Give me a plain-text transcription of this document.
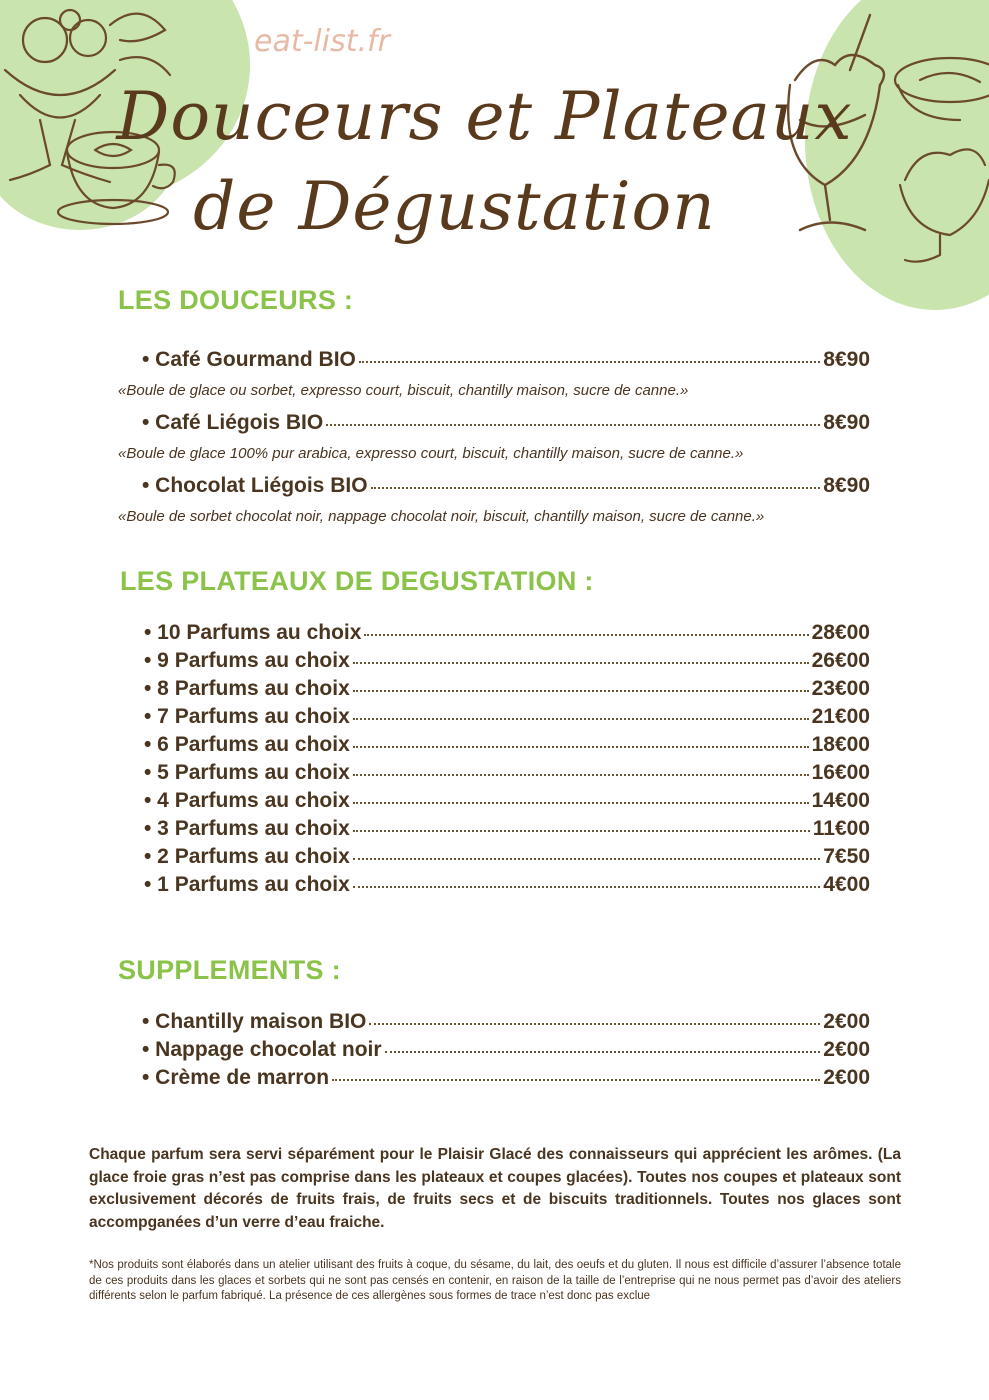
eat-list.fr
Douceurs et Plateaux
de Dégustation
LES DOUCEURS :
• Café Gourmand BIO	8€90
«Boule de glace ou sorbet, expresso court, biscuit, chantilly maison, sucre de canne.»
• Café Liégois BIO	8€90
«Boule de glace 100% pur arabica, expresso court, biscuit, chantilly maison, sucre de canne.»
• Chocolat Liégois BIO	8€90
«Boule de sorbet chocolat noir, nappage chocolat noir, biscuit, chantilly maison, sucre de canne.»
LES PLATEAUX DE DEGUSTATION :
• 10 Parfums au choix	28€00
• 9 Parfums au choix	26€00
• 8 Parfums au choix	23€00
• 7 Parfums au choix	21€00
• 6 Parfums au choix	18€00
• 5 Parfums au choix	16€00
• 4 Parfums au choix	14€00
• 3 Parfums au choix	11€00
• 2 Parfums au choix	7€50
• 1 Parfums au choix	4€00
SUPPLEMENTS :
• Chantilly maison BIO	2€00
• Nappage chocolat noir	2€00
• Crème de marron	2€00
Chaque parfum sera servi séparément pour le Plaisir Glacé des connaisseurs qui apprécient les arômes. (La glace froie gras n’est pas comprise dans les plateaux et coupes glacées). Toutes nos coupes et plateaux sont exclusivement décorés de fruits frais, de fruits secs et de biscuits traditionnels. Toutes nos glaces sont accompganées d’un verre d’eau fraiche.
*Nos produits sont élaborés dans un atelier utilisant des fruits à coque, du sésame, du lait, des oeufs et du gluten. Il nous est difficile d’assurer l’absence totale de ces produits dans les glaces et sorbets qui ne sont pas censés en contenir, en raison de la taille de l’entreprise qui ne nous permet pas d’avoir des ateliers différents selon le parfum fabriqué. La présence de ces allergènes sous formes de trace n’est donc pas exclue
